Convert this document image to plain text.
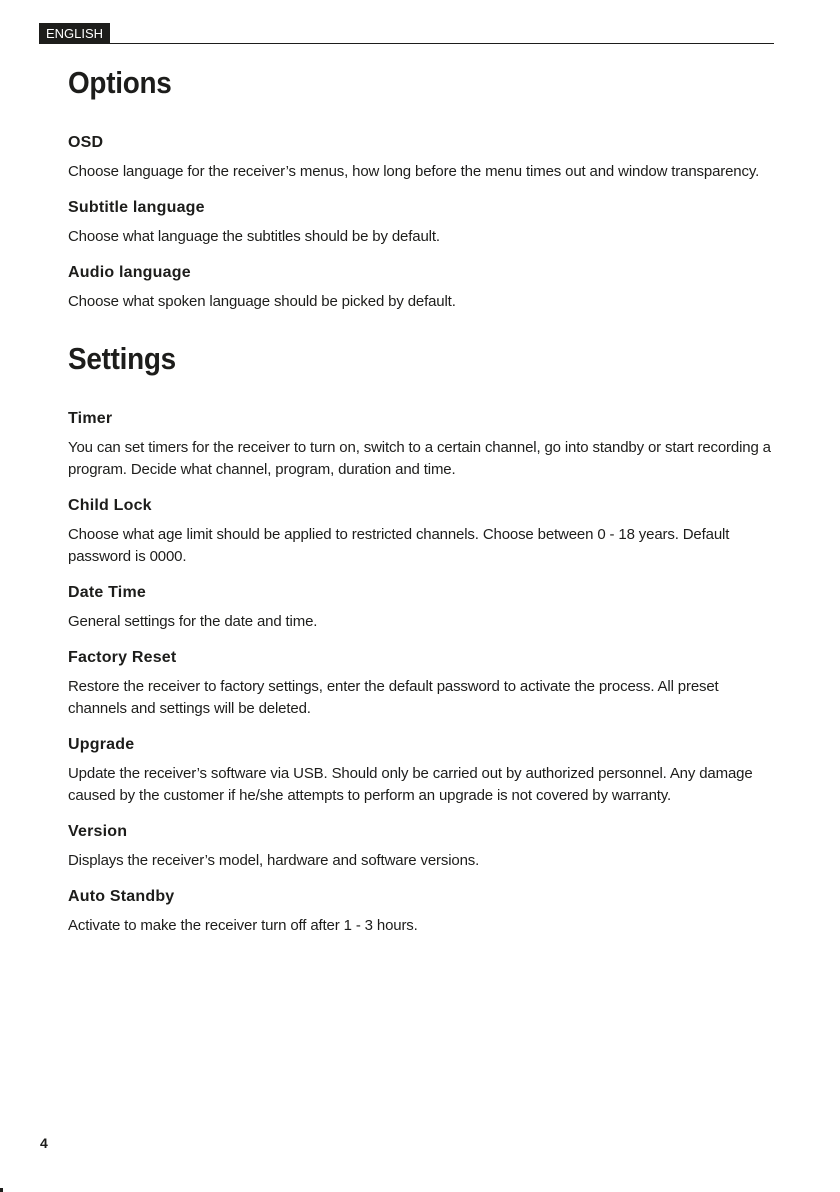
ENGLISH
Options
OSD

Choose language for the receiver’s menus, how long before the menu times out and window transparency.

Subtitle language

Choose what language the subtitles should be by default.

Audio language

Choose what spoken language should be picked by default.

Settings
Timer

You can set timers for the receiver to turn on, switch to a certain channel, go into standby or start recording a program. Decide what channel, program, duration and time.

Child Lock

Choose what age limit should be applied to restricted channels. Choose between 0 - 18 years. Default password is 0000.

Date Time

General settings for the date and time.

Factory Reset

Restore the receiver to factory settings, enter the default password to activate the process. All preset channels and settings will be deleted.

Upgrade

Update the receiver’s software via USB. Should only be carried out by authorized personnel. Any damage caused by the customer if he/she attempts to perform an upgrade is not covered by warranty.

Version

Displays the receiver’s model, hardware and software versions.

Auto Standby

Activate to make the receiver turn off after 1 - 3 hours.

4
